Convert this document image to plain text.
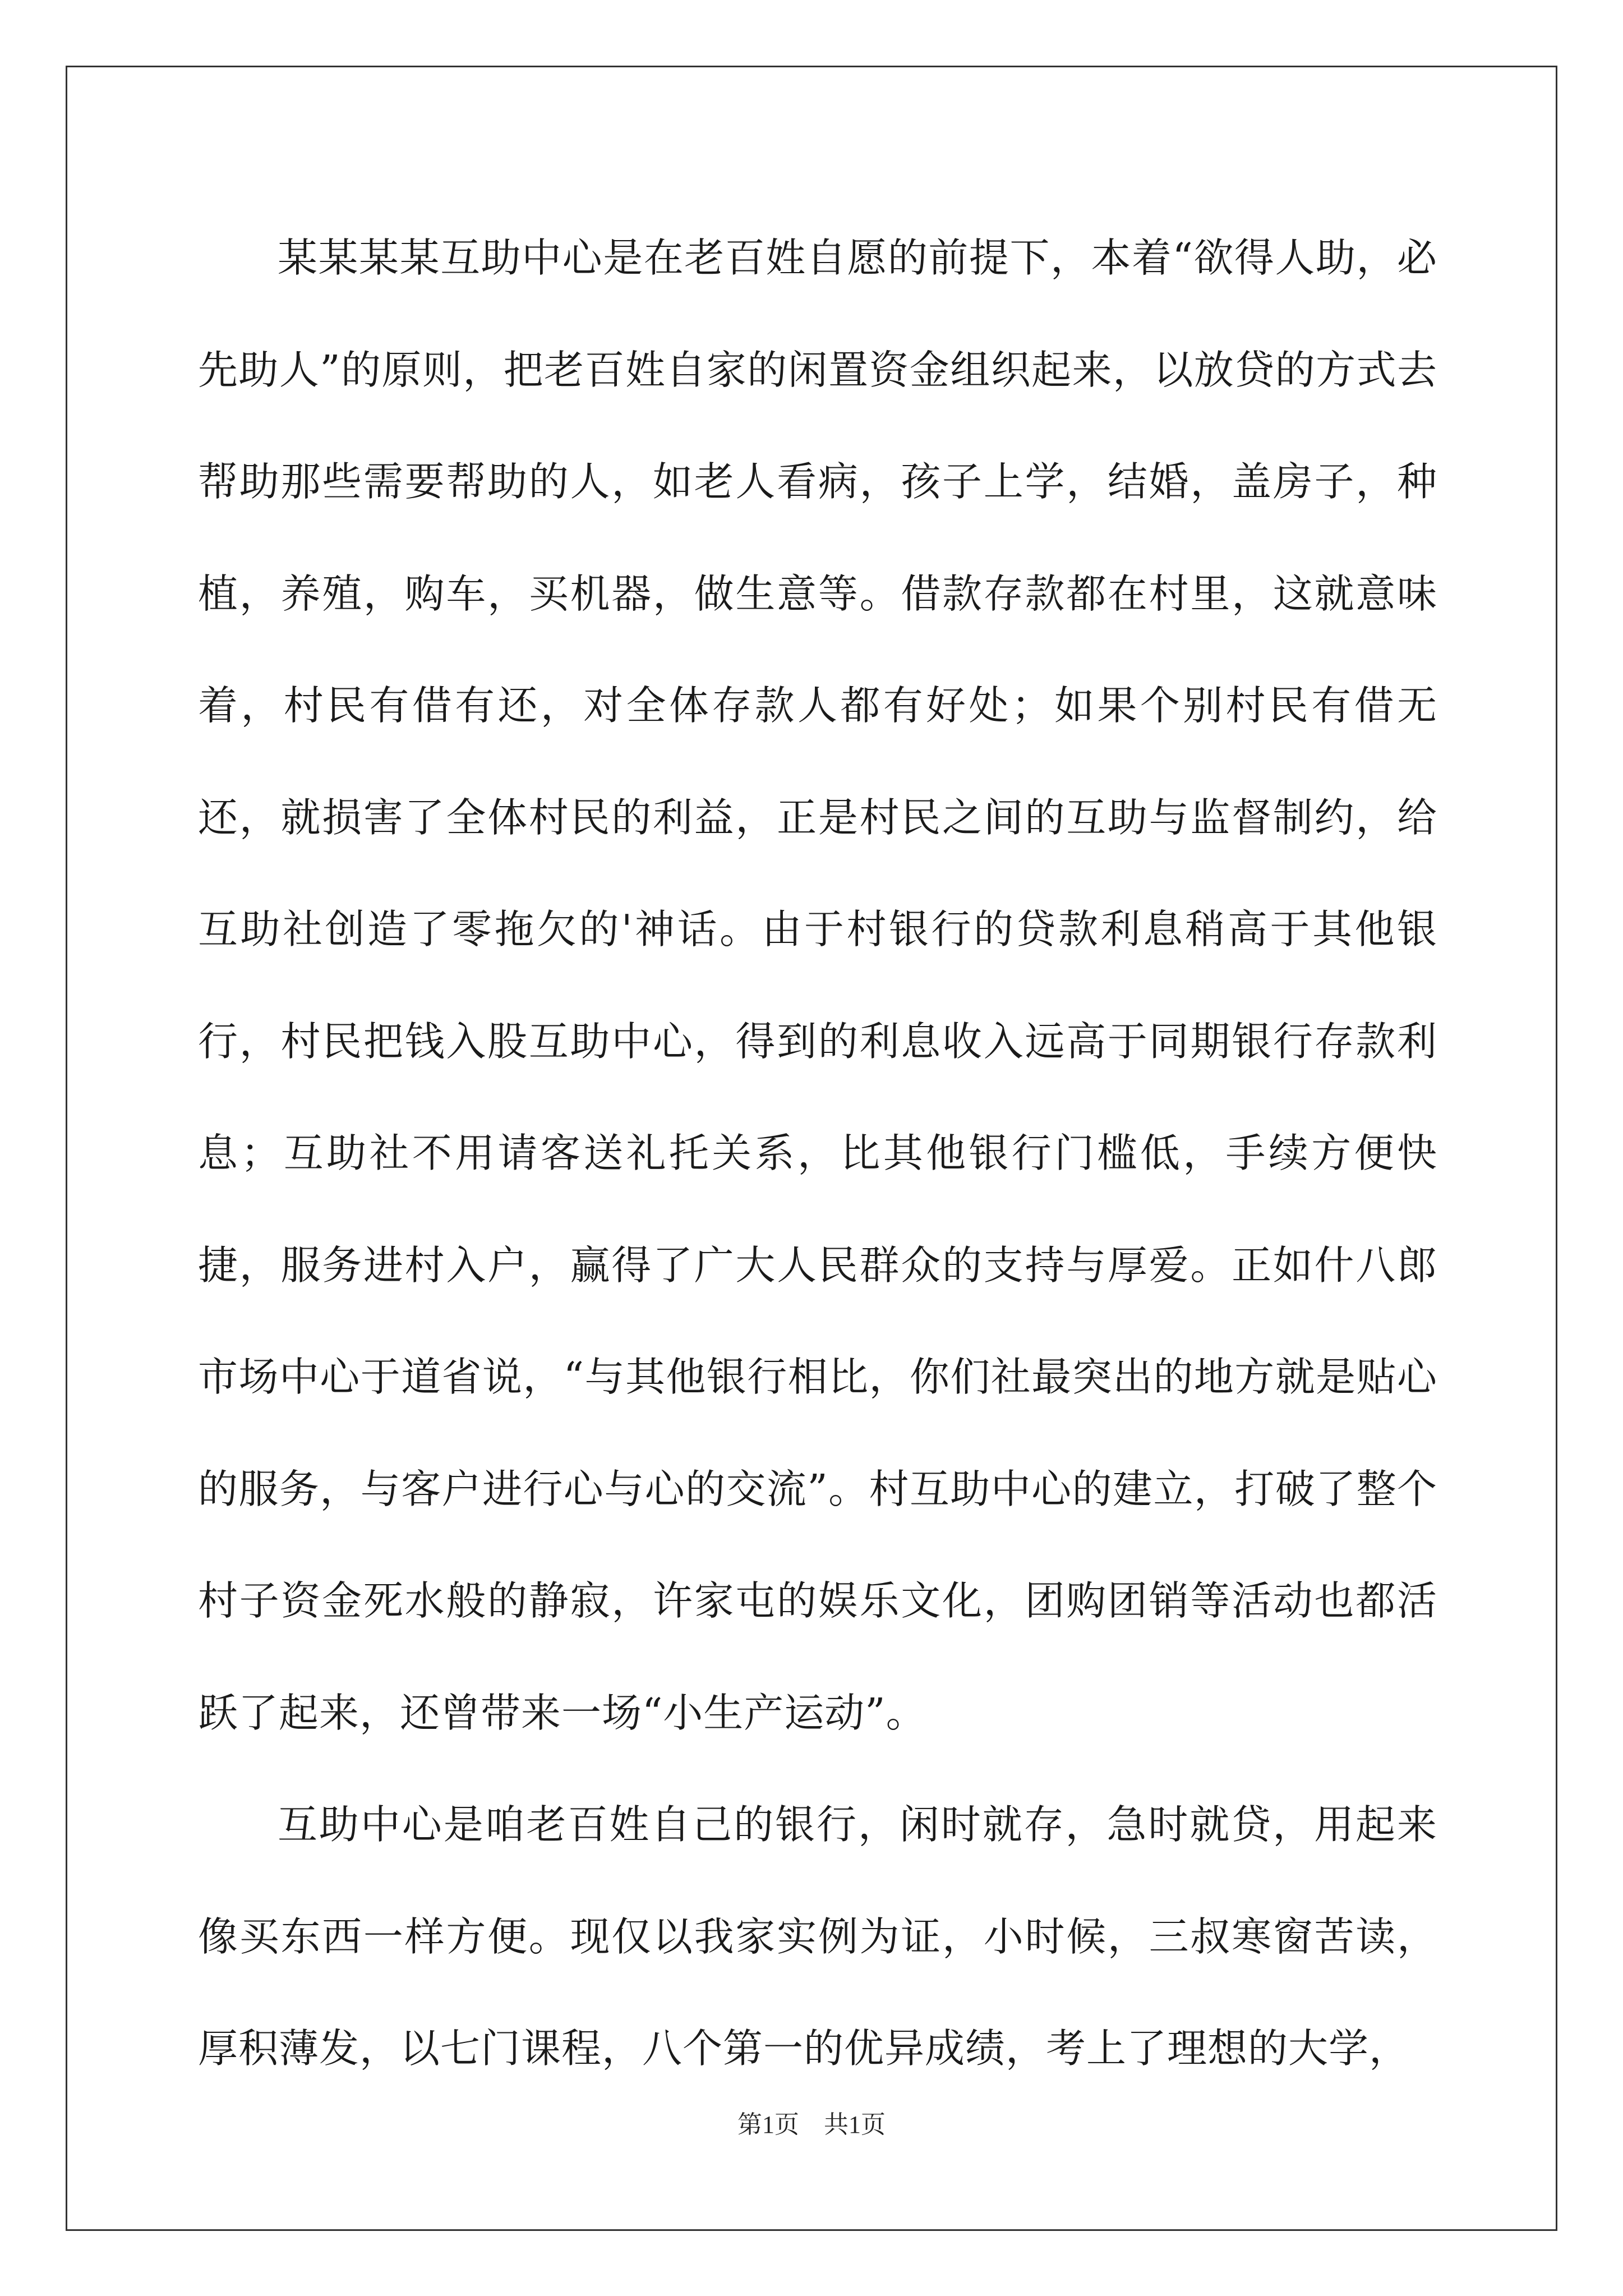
某某某某互助中心是在老百姓自愿的前提下，本着“欲得人助，必先助人”的原则，把老百姓自家的闲置资金组织起来，以放贷的方式去帮助那些需要帮助的人，如老人看病，孩子上学，结婚，盖房子，种植，养殖，购车，买机器，做生意等。借款存款都在村里，这就意味着，村民有借有还，对全体存款人都有好处；如果个别村民有借无还，就损害了全体村民的利益，正是村民之间的互助与监督制约，给互助社创造了零拖欠的'神话。由于村银行的贷款利息稍高于其他银行，村民把钱入股互助中心，得到的利息收入远高于同期银行存款利息；互助社不用请客送礼托关系，比其他银行门槛低，手续方便快捷，服务进村入户，赢得了广大人民群众的支持与厚爱。正如什八郎市场中心于道省说，“与其他银行相比，你们社最突出的地方就是贴心的服务，与客户进行心与心的交流”。村互助中心的建立，打破了整个村子资金死水般的静寂，许家屯的娱乐文化，团购团销等活动也都活跃了起来，还曾带来一场“小生产运动”。

互助中心是咱老百姓自己的银行，闲时就存，急时就贷，用起来像买东西一样方便。现仅以我家实例为证，小时候，三叔寒窗苦读，厚积薄发，以七门课程，八个第一的优异成绩，考上了理想的大学，

第1页　共1页
